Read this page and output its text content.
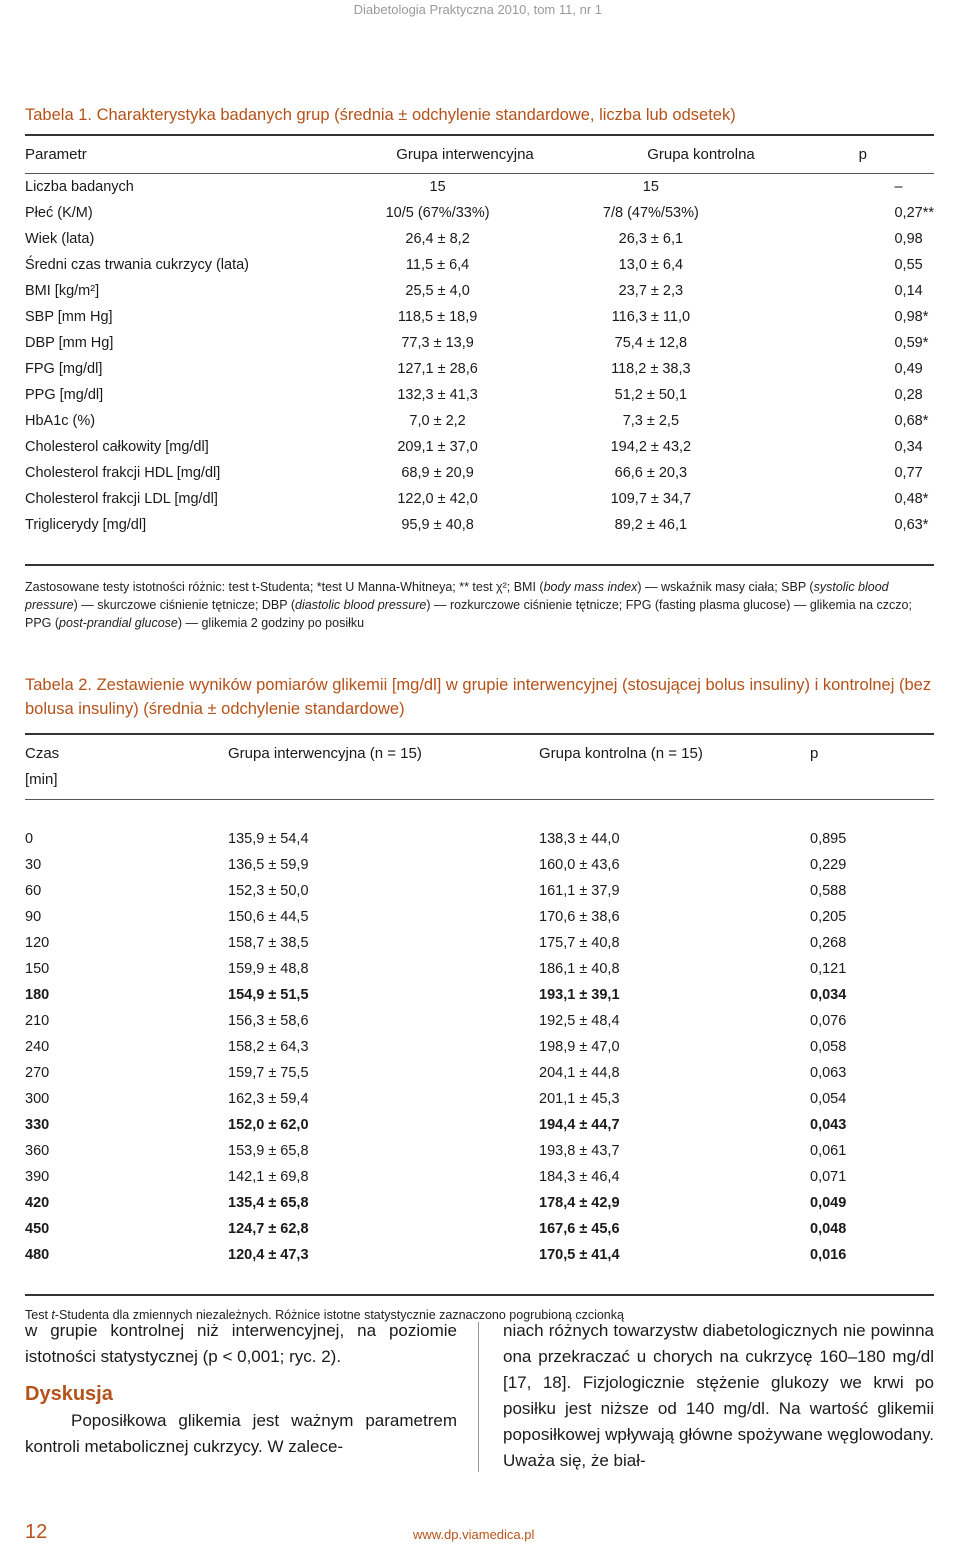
Diabetologia Praktyczna 2010, tom 11, nr 1

Tabela 1. Charakterystyka badanych grup (średnia ± odchylenie standardowe, liczba lub odsetek)

Parametr	Grupa interwencyjna	Grupa kontrolna	p
Liczba badanych	15	15	–
Płeć (K/M)	10/5 (67%/33%)	7/8 (47%/53%)	0,27**
Wiek (lata)	26,4 ± 8,2	26,3 ± 6,1	0,98
Średni czas trwania cukrzycy (lata)	11,5 ± 6,4	13,0 ± 6,4	0,55
BMI [kg/m²]	25,5 ± 4,0	23,7 ± 2,3	0,14
SBP [mm Hg]	118,5 ± 18,9	116,3 ± 11,0	0,98*
DBP [mm Hg]	77,3 ± 13,9	75,4 ± 12,8	0,59*
FPG [mg/dl]	127,1 ± 28,6	118,2 ± 38,3	0,49
PPG [mg/dl]	132,3 ± 41,3	51,2 ± 50,1	0,28
HbA1c (%)	7,0 ± 2,2	7,3 ± 2,5	0,68*
Cholesterol całkowity [mg/dl]	209,1 ± 37,0	194,2 ± 43,2	0,34
Cholesterol frakcji HDL [mg/dl]	68,9 ± 20,9	66,6 ± 20,3	0,77
Cholesterol frakcji LDL [mg/dl]	122,0 ± 42,0	109,7 ± 34,7	0,48*
Triglicerydy [mg/dl]	95,9 ± 40,8	89,2 ± 46,1	0,63*

Zastosowane testy istotności różnic: test t-Studenta; *test U Manna-Whitneya; ** test χ²; BMI (body mass index) — wskaźnik masy ciała; SBP (systolic blood pressure) — skurczowe ciśnienie tętnicze; DBP (diastolic blood pressure) — rozkurczowe ciśnienie tętnicze; FPG (fasting plasma glucose) — glikemia na czczo; PPG (post-prandial glucose) — glikemia 2 godziny po posiłku

Tabela 2. Zestawienie wyników pomiarów glikemii [mg/dl] w grupie interwencyjnej (stosującej bolus insuliny) i kontrolnej (bez bolusa insuliny) (średnia ± odchylenie standardowe)

Czas
[min]	Grupa interwencyjna (n = 15)	Grupa kontrolna (n = 15)	p

0	135,9 ± 54,4	138,3 ± 44,0	0,895
30	136,5 ± 59,9	160,0 ± 43,6	0,229
60	152,3 ± 50,0	161,1 ± 37,9	0,588
90	150,6 ± 44,5	170,6 ± 38,6	0,205
120	158,7 ± 38,5	175,7 ± 40,8	0,268
150	159,9 ± 48,8	186,1 ± 40,8	0,121
180	154,9 ± 51,5	193,1 ± 39,1	0,034
210	156,3 ± 58,6	192,5 ± 48,4	0,076
240	158,2 ± 64,3	198,9 ± 47,0	0,058
270	159,7 ± 75,5	204,1 ± 44,8	0,063
300	162,3 ± 59,4	201,1 ± 45,3	0,054
330	152,0 ± 62,0	194,4 ± 44,7	0,043
360	153,9 ± 65,8	193,8 ± 43,7	0,061
390	142,1 ± 69,8	184,3 ± 46,4	0,071
420	135,4 ± 65,8	178,4 ± 42,9	0,049
450	124,7 ± 62,8	167,6 ± 45,6	0,048
480	120,4 ± 47,3	170,5 ± 41,4	0,016

Test t-Studenta dla zmiennych niezależnych. Różnice istotne statystycznie zaznaczono pogrubioną czcionką

w grupie kontrolnej niż interwencyjnej, na poziomie istotności statystycznej (p < 0,001; ryc. 2).

Dyskusja

Poposiłkowa glikemia jest ważnym parametrem kontroli metabolicznej cukrzycy. W zalece-

niach różnych towarzystw diabetologicznych nie powinna ona przekraczać u chorych na cukrzycę 160–180 mg/dl [17, 18]. Fizjologicznie stężenie glukozy we krwi po posiłku jest niższe od 140 mg/dl. Na wartość glikemii poposiłkowej wpływają główne spożywane węglowodany. Uważa się, że biał-

12	www.dp.viamedica.pl
